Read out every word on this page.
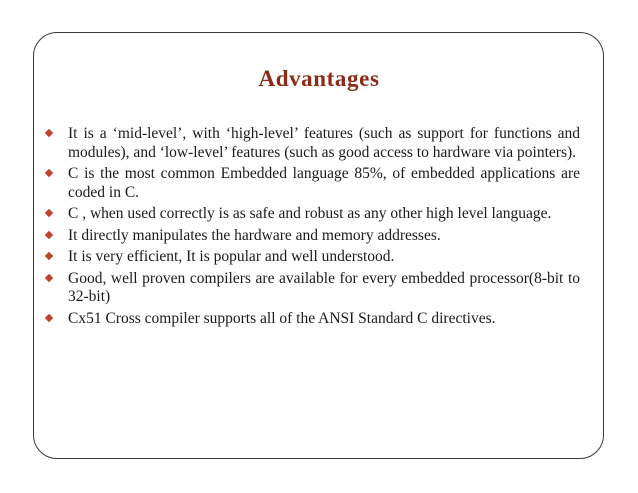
Advantages
It is a ‘mid-level’, with ‘high-level’ features (such as support for functions and modules), and ‘low-level’ features (such as good access to hardware via pointers).
C is the most common Embedded language 85%, of embedded applications are coded in C.
C , when used correctly is as safe and robust as any other high level language.
It directly manipulates the hardware and memory addresses.
It is very efficient, It is popular and well understood.
Good, well proven compilers are available for every embedded processor(8-bit to 32-bit)
Cx51 Cross compiler supports all of the ANSI Standard C directives.
